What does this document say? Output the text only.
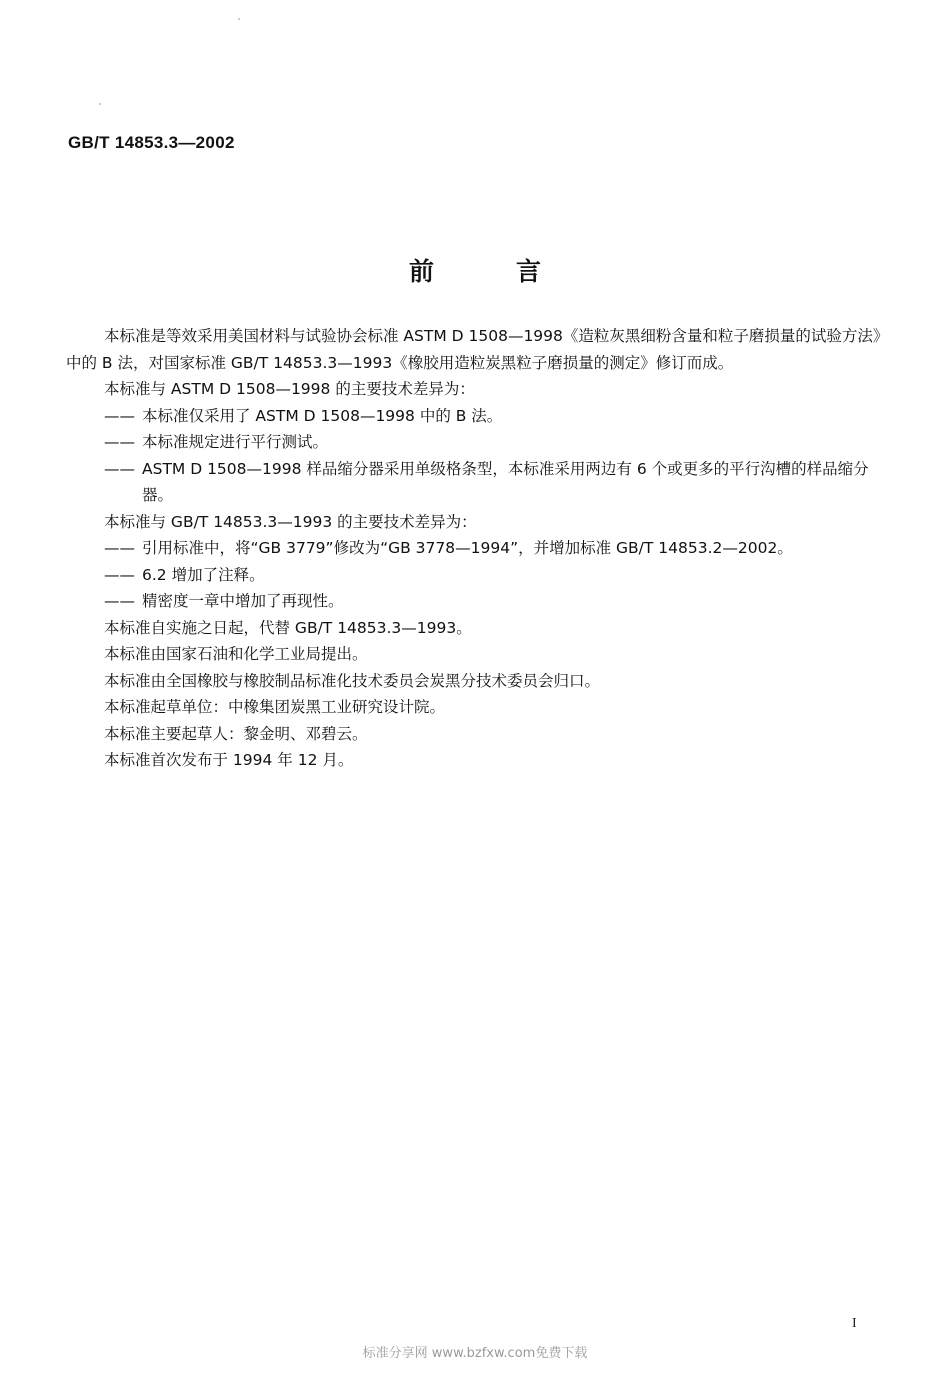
GB/T 14853.3—2002
前言
本标准是等效采用美国材料与试验协会标准 ASTM D 1508—1998《造粒灰黑细粉含量和粒子磨损量的试验方法》中的 B 法，对国家标准 GB/T 14853.3—1993《橡胶用造粒炭黑粒子磨损量的测定》修订而成。

本标准与 ASTM D 1508—1998 的主要技术差异为：

—— 本标准仅采用了 ASTM D 1508—1998 中的 B 法。
—— 本标准规定进行平行测试。
—— ASTM D 1508—1998 样品缩分器采用单级格条型，本标准采用两边有 6 个或更多的平行沟槽的样品缩分器。

本标准与 GB/T 14853.3—1993 的主要技术差异为：

—— 引用标准中，将“GB 3779”修改为“GB 3778—1994”，并增加标准 GB/T 14853.2—2002。
—— 6.2 增加了注释。
—— 精密度一章中增加了再现性。

本标准自实施之日起，代替 GB/T 14853.3—1993。

本标准由国家石油和化学工业局提出。

本标准由全国橡胶与橡胶制品标准化技术委员会炭黑分技术委员会归口。

本标准起草单位：中橡集团炭黑工业研究设计院。

本标准主要起草人：黎金明、邓碧云。

本标准首次发布于 1994 年 12 月。

I
标准分享网 www.bzfxw.com免费下载
